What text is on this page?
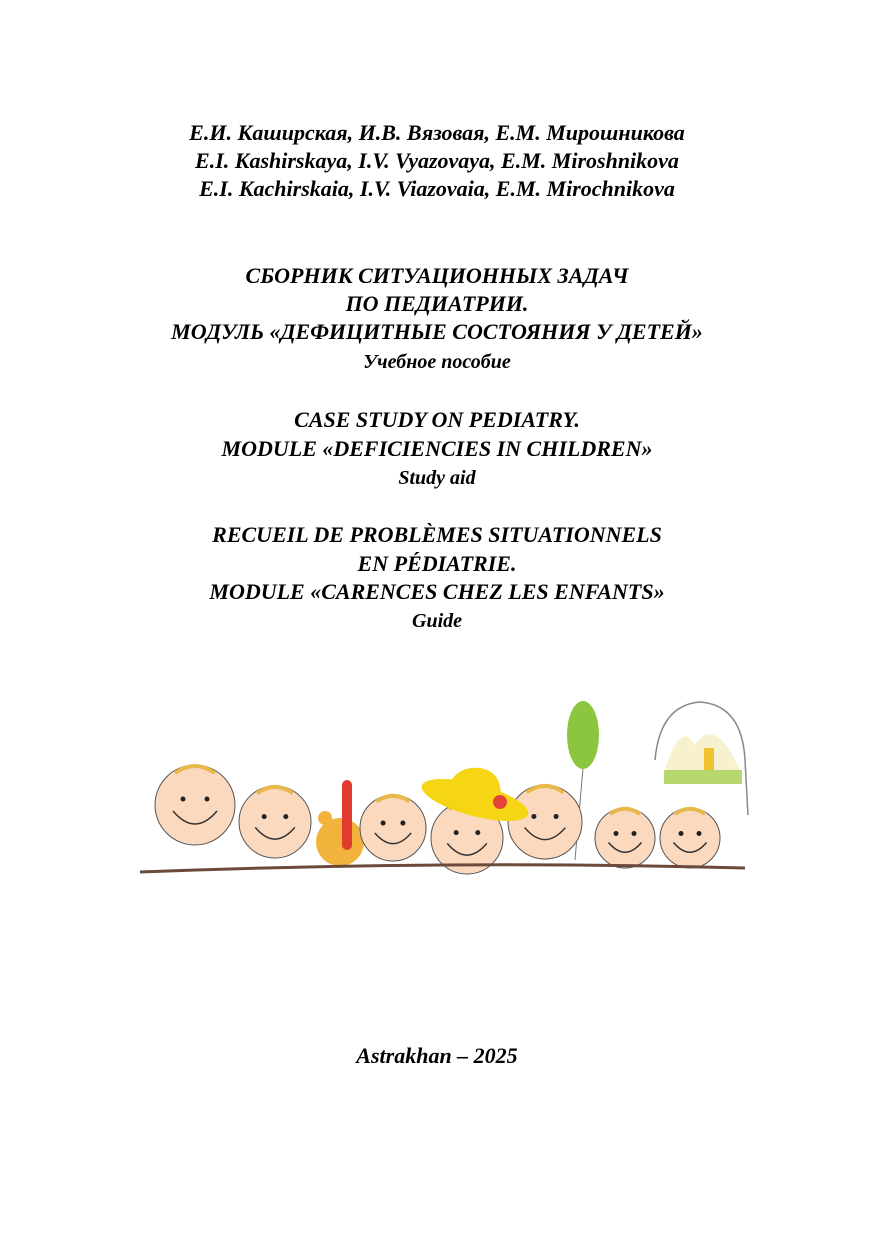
Е.И. Каширская, И.В. Вязовая, Е.М. Мирошникова
E.I. Kashirskaya, I.V. Vyazovaya, E.M. Miroshnikova
E.I. Kachirskaia, I.V. Viazovaia, E.M. Mirochnikova
СБОРНИК СИТУАЦИОННЫХ ЗАДАЧ
ПО ПЕДИАТРИИ.
МОДУЛЬ «ДЕФИЦИТНЫЕ СОСТОЯНИЯ У ДЕТЕЙ»
Учебное пособие
CASE STUDY ON PEDIATRY.
MODULE «DEFICIENCIES IN CHILDREN»
Study aid
RECUEIL DE PROBLÈMES SITUATIONNELS
EN PÉDIATRIE.
MODULE «CARENCES CHEZ LES ENFANTS»
Guide
Astrakhan – 2025
